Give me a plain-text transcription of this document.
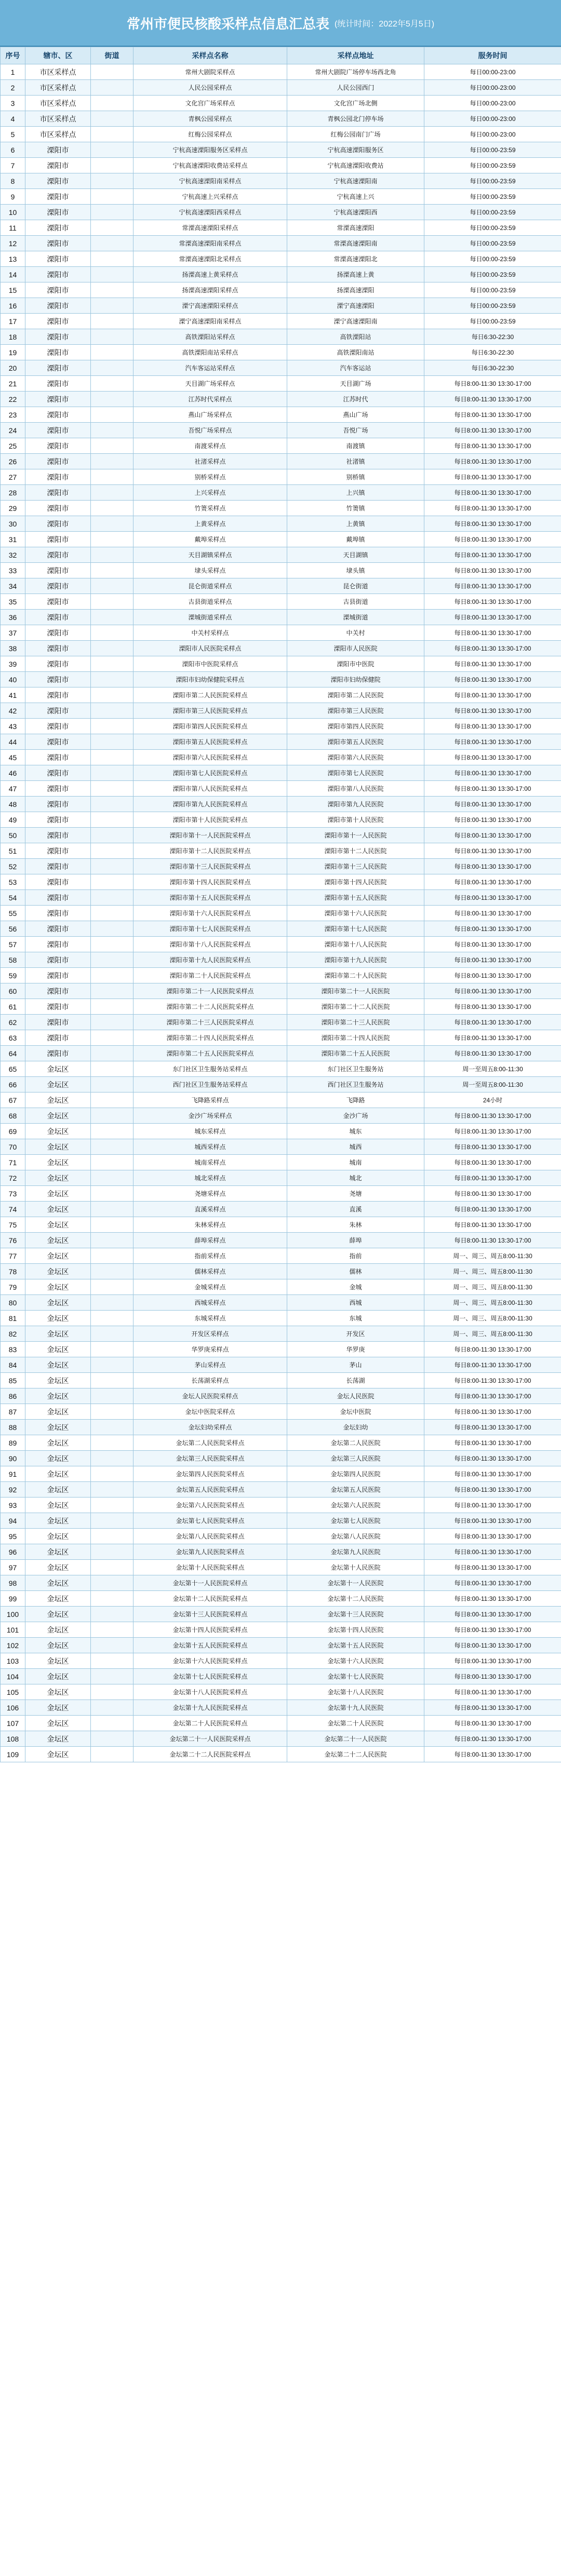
常州市便民核酸采样点信息汇总表 (统计时间：2022年5月5日)
序号	辖市、区	街道	采样点名称	采样点地址	服务时间
1	市区采样点		常州大剧院采样点	常州大剧院广场停车场西北角	每日00:00-23:00
2	市区采样点		人民公园采样点	人民公园西门	每日00:00-23:00
3	市区采样点		文化宫广场采样点	文化宫广场北侧	每日00:00-23:00
4	市区采样点		青枫公园采样点	青枫公园北门停车场	每日00:00-23:00
5	市区采样点		红梅公园采样点	红梅公园南门广场	每日00:00-23:00
6	溧阳市		宁杭高速溧阳服务区采样点	宁杭高速溧阳服务区	每日00:00-23:59
7	溧阳市		宁杭高速溧阳收费站采样点	宁杭高速溧阳收费站	每日00:00-23:59
8	溧阳市		宁杭高速溧阳南采样点	宁杭高速溧阳南	每日00:00-23:59
9	溧阳市		宁杭高速上兴采样点	宁杭高速上兴	每日00:00-23:59
10	溧阳市		宁杭高速溧阳西采样点	宁杭高速溧阳西	每日00:00-23:59
11	溧阳市		常溧高速溧阳采样点	常溧高速溧阳	每日00:00-23:59
12	溧阳市		常溧高速溧阳南采样点	常溧高速溧阳南	每日00:00-23:59
13	溧阳市		常溧高速溧阳北采样点	常溧高速溧阳北	每日00:00-23:59
14	溧阳市		扬溧高速上黄采样点	扬溧高速上黄	每日00:00-23:59
15	溧阳市		扬溧高速溧阳采样点	扬溧高速溧阳	每日00:00-23:59
16	溧阳市		溧宁高速溧阳采样点	溧宁高速溧阳	每日00:00-23:59
17	溧阳市		溧宁高速溧阳南采样点	溧宁高速溧阳南	每日00:00-23:59
18	溧阳市		高铁溧阳站采样点	高铁溧阳站	每日6:30-22:30
19	溧阳市		高铁溧阳南站采样点	高铁溧阳南站	每日6:30-22:30
20	溧阳市		汽车客运站采样点	汽车客运站	每日6:30-22:30
21	溧阳市		天目湖广场采样点	天目湖广场	每日8:00-11:30 13:30-17:00
22	溧阳市		江苏时代采样点	江苏时代	每日8:00-11:30 13:30-17:00
23	溧阳市		燕山广场采样点	燕山广场	每日8:00-11:30 13:30-17:00
24	溧阳市		吾悦广场采样点	吾悦广场	每日8:00-11:30 13:30-17:00
25	溧阳市		南渡采样点	南渡镇	每日8:00-11:30 13:30-17:00
26	溧阳市		社渚采样点	社渚镇	每日8:00-11:30 13:30-17:00
27	溧阳市		别桥采样点	别桥镇	每日8:00-11:30 13:30-17:00
28	溧阳市		上兴采样点	上兴镇	每日8:00-11:30 13:30-17:00
29	溧阳市		竹箦采样点	竹箦镇	每日8:00-11:30 13:30-17:00
30	溧阳市		上黄采样点	上黄镇	每日8:00-11:30 13:30-17:00
31	溧阳市		戴埠采样点	戴埠镇	每日8:00-11:30 13:30-17:00
32	溧阳市		天目湖镇采样点	天目湖镇	每日8:00-11:30 13:30-17:00
33	溧阳市		埭头采样点	埭头镇	每日8:00-11:30 13:30-17:00
34	溧阳市		昆仑街道采样点	昆仑街道	每日8:00-11:30 13:30-17:00
35	溧阳市		古县街道采样点	古县街道	每日8:00-11:30 13:30-17:00
36	溧阳市		溧城街道采样点	溧城街道	每日8:00-11:30 13:30-17:00
37	溧阳市		中关村采样点	中关村	每日8:00-11:30 13:30-17:00
38	溧阳市		溧阳市人民医院采样点	溧阳市人民医院	每日8:00-11:30 13:30-17:00
39	溧阳市		溧阳市中医院采样点	溧阳市中医院	每日8:00-11:30 13:30-17:00
40	溧阳市		溧阳市妇幼保健院采样点	溧阳市妇幼保健院	每日8:00-11:30 13:30-17:00
41	溧阳市		溧阳市第二人民医院采样点	溧阳市第二人民医院	每日8:00-11:30 13:30-17:00
42	溧阳市		溧阳市第三人民医院采样点	溧阳市第三人民医院	每日8:00-11:30 13:30-17:00
43	溧阳市		溧阳市第四人民医院采样点	溧阳市第四人民医院	每日8:00-11:30 13:30-17:00
44	溧阳市		溧阳市第五人民医院采样点	溧阳市第五人民医院	每日8:00-11:30 13:30-17:00
45	溧阳市		溧阳市第六人民医院采样点	溧阳市第六人民医院	每日8:00-11:30 13:30-17:00
46	溧阳市		溧阳市第七人民医院采样点	溧阳市第七人民医院	每日8:00-11:30 13:30-17:00
47	溧阳市		溧阳市第八人民医院采样点	溧阳市第八人民医院	每日8:00-11:30 13:30-17:00
48	溧阳市		溧阳市第九人民医院采样点	溧阳市第九人民医院	每日8:00-11:30 13:30-17:00
49	溧阳市		溧阳市第十人民医院采样点	溧阳市第十人民医院	每日8:00-11:30 13:30-17:00
50	溧阳市		溧阳市第十一人民医院采样点	溧阳市第十一人民医院	每日8:00-11:30 13:30-17:00
51	溧阳市		溧阳市第十二人民医院采样点	溧阳市第十二人民医院	每日8:00-11:30 13:30-17:00
52	溧阳市		溧阳市第十三人民医院采样点	溧阳市第十三人民医院	每日8:00-11:30 13:30-17:00
53	溧阳市		溧阳市第十四人民医院采样点	溧阳市第十四人民医院	每日8:00-11:30 13:30-17:00
54	溧阳市		溧阳市第十五人民医院采样点	溧阳市第十五人民医院	每日8:00-11:30 13:30-17:00
55	溧阳市		溧阳市第十六人民医院采样点	溧阳市第十六人民医院	每日8:00-11:30 13:30-17:00
56	溧阳市		溧阳市第十七人民医院采样点	溧阳市第十七人民医院	每日8:00-11:30 13:30-17:00
57	溧阳市		溧阳市第十八人民医院采样点	溧阳市第十八人民医院	每日8:00-11:30 13:30-17:00
58	溧阳市		溧阳市第十九人民医院采样点	溧阳市第十九人民医院	每日8:00-11:30 13:30-17:00
59	溧阳市		溧阳市第二十人民医院采样点	溧阳市第二十人民医院	每日8:00-11:30 13:30-17:00
60	溧阳市		溧阳市第二十一人民医院采样点	溧阳市第二十一人民医院	每日8:00-11:30 13:30-17:00
61	溧阳市		溧阳市第二十二人民医院采样点	溧阳市第二十二人民医院	每日8:00-11:30 13:30-17:00
62	溧阳市		溧阳市第二十三人民医院采样点	溧阳市第二十三人民医院	每日8:00-11:30 13:30-17:00
63	溧阳市		溧阳市第二十四人民医院采样点	溧阳市第二十四人民医院	每日8:00-11:30 13:30-17:00
64	溧阳市		溧阳市第二十五人民医院采样点	溧阳市第二十五人民医院	每日8:00-11:30 13:30-17:00
65	金坛区		东门社区卫生服务站采样点	东门社区卫生服务站	周一至周五8:00-11:30
66	金坛区		西门社区卫生服务站采样点	西门社区卫生服务站	周一至周五8:00-11:30
67	金坛区		飞降路采样点	飞降路	24小时
68	金坛区		金沙广场采样点	金沙广场	每日8:00-11:30 13:30-17:00
69	金坛区		城东采样点	城东	每日8:00-11:30 13:30-17:00
70	金坛区		城西采样点	城西	每日8:00-11:30 13:30-17:00
71	金坛区		城南采样点	城南	每日8:00-11:30 13:30-17:00
72	金坛区		城北采样点	城北	每日8:00-11:30 13:30-17:00
73	金坛区		尧塘采样点	尧塘	每日8:00-11:30 13:30-17:00
74	金坛区		直溪采样点	直溪	每日8:00-11:30 13:30-17:00
75	金坛区		朱林采样点	朱林	每日8:00-11:30 13:30-17:00
76	金坛区		薛埠采样点	薛埠	每日8:00-11:30 13:30-17:00
77	金坛区		指前采样点	指前	周一、周三、周五8:00-11:30
78	金坛区		儒林采样点	儒林	周一、周三、周五8:00-11:30
79	金坛区		金城采样点	金城	周一、周三、周五8:00-11:30
80	金坛区		西城采样点	西城	周一、周三、周五8:00-11:30
81	金坛区		东城采样点	东城	周一、周三、周五8:00-11:30
82	金坛区		开发区采样点	开发区	周一、周三、周五8:00-11:30
83	金坛区		华罗庚采样点	华罗庚	每日8:00-11:30 13:30-17:00
84	金坛区		茅山采样点	茅山	每日8:00-11:30 13:30-17:00
85	金坛区		长荡湖采样点	长荡湖	每日8:00-11:30 13:30-17:00
86	金坛区		金坛人民医院采样点	金坛人民医院	每日8:00-11:30 13:30-17:00
87	金坛区		金坛中医院采样点	金坛中医院	每日8:00-11:30 13:30-17:00
88	金坛区		金坛妇幼采样点	金坛妇幼	每日8:00-11:30 13:30-17:00
89	金坛区		金坛第二人民医院采样点	金坛第二人民医院	每日8:00-11:30 13:30-17:00
90	金坛区		金坛第三人民医院采样点	金坛第三人民医院	每日8:00-11:30 13:30-17:00
91	金坛区		金坛第四人民医院采样点	金坛第四人民医院	每日8:00-11:30 13:30-17:00
92	金坛区		金坛第五人民医院采样点	金坛第五人民医院	每日8:00-11:30 13:30-17:00
93	金坛区		金坛第六人民医院采样点	金坛第六人民医院	每日8:00-11:30 13:30-17:00
94	金坛区		金坛第七人民医院采样点	金坛第七人民医院	每日8:00-11:30 13:30-17:00
95	金坛区		金坛第八人民医院采样点	金坛第八人民医院	每日8:00-11:30 13:30-17:00
96	金坛区		金坛第九人民医院采样点	金坛第九人民医院	每日8:00-11:30 13:30-17:00
97	金坛区		金坛第十人民医院采样点	金坛第十人民医院	每日8:00-11:30 13:30-17:00
98	金坛区		金坛第十一人民医院采样点	金坛第十一人民医院	每日8:00-11:30 13:30-17:00
99	金坛区		金坛第十二人民医院采样点	金坛第十二人民医院	每日8:00-11:30 13:30-17:00
100	金坛区		金坛第十三人民医院采样点	金坛第十三人民医院	每日8:00-11:30 13:30-17:00
101	金坛区		金坛第十四人民医院采样点	金坛第十四人民医院	每日8:00-11:30 13:30-17:00
102	金坛区		金坛第十五人民医院采样点	金坛第十五人民医院	每日8:00-11:30 13:30-17:00
103	金坛区		金坛第十六人民医院采样点	金坛第十六人民医院	每日8:00-11:30 13:30-17:00
104	金坛区		金坛第十七人民医院采样点	金坛第十七人民医院	每日8:00-11:30 13:30-17:00
105	金坛区		金坛第十八人民医院采样点	金坛第十八人民医院	每日8:00-11:30 13:30-17:00
106	金坛区		金坛第十九人民医院采样点	金坛第十九人民医院	每日8:00-11:30 13:30-17:00
107	金坛区		金坛第二十人民医院采样点	金坛第二十人民医院	每日8:00-11:30 13:30-17:00
108	金坛区		金坛第二十一人民医院采样点	金坛第二十一人民医院	每日8:00-11:30 13:30-17:00
109	金坛区		金坛第二十二人民医院采样点	金坛第二十二人民医院	每日8:00-11:30 13:30-17:00
